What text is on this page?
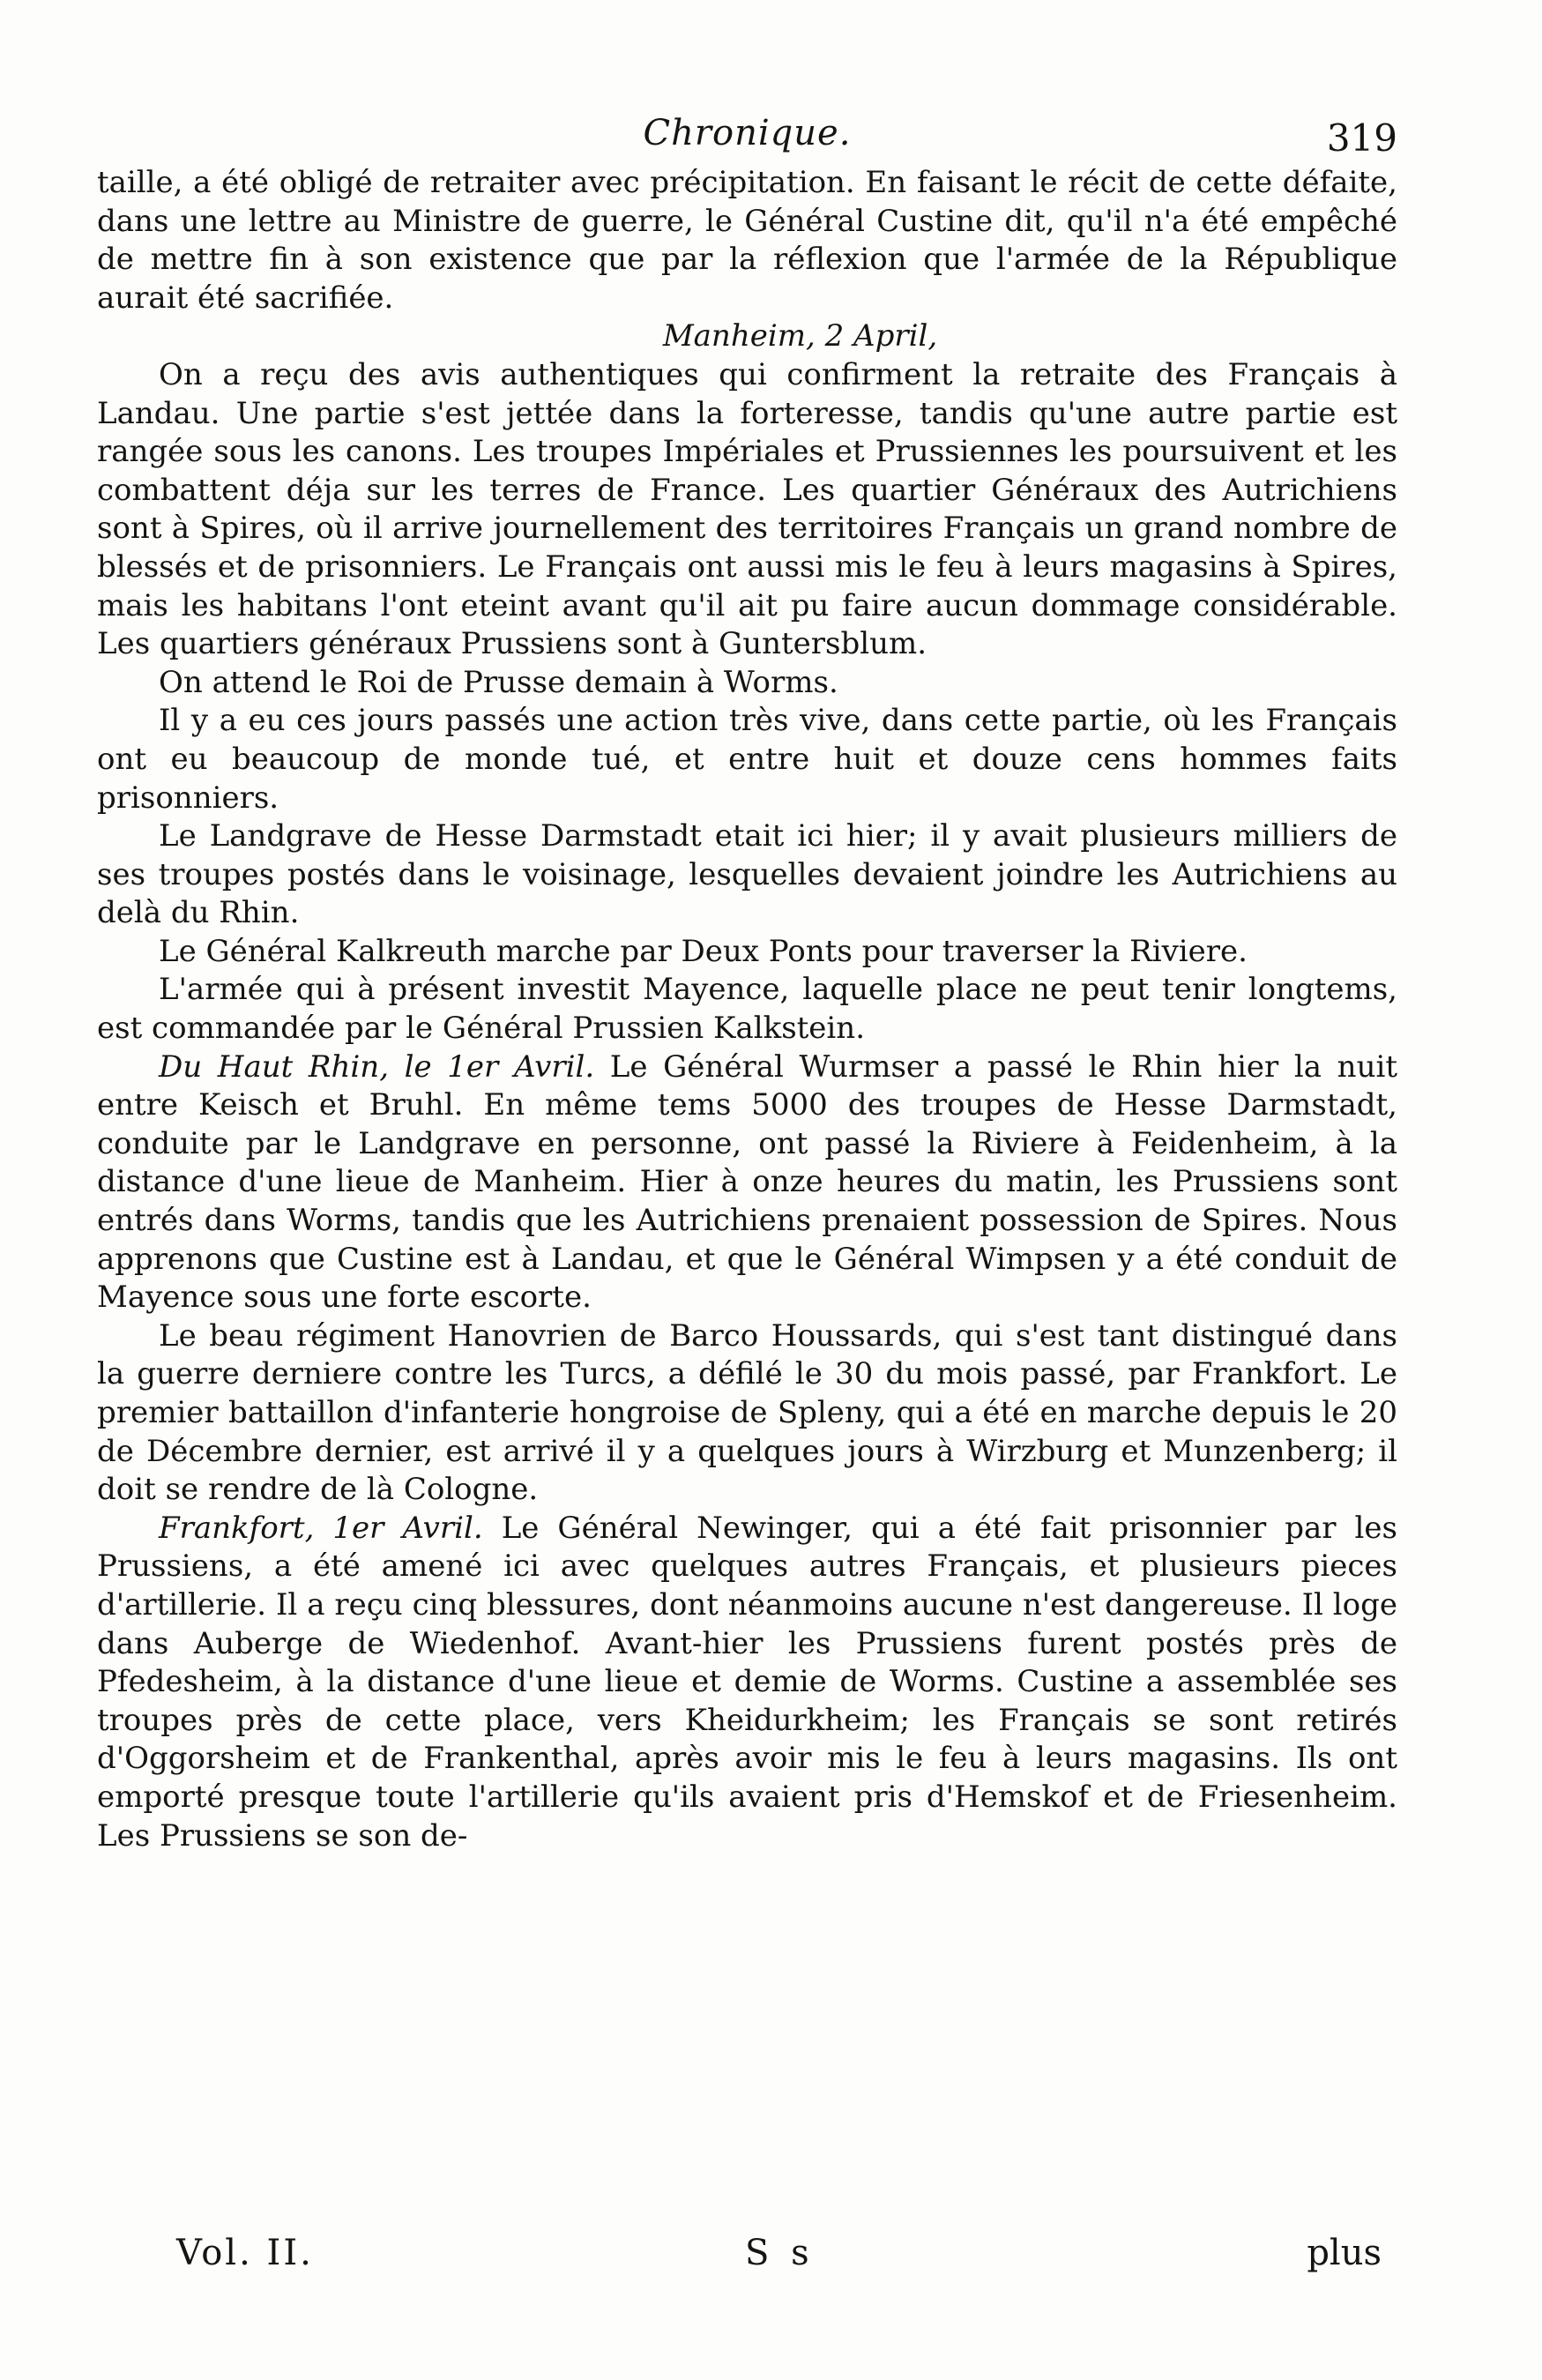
Chronique.	319

taille, a été obligé de retraiter avec précipitation. En faisant le récit de cette défaite, dans une lettre au Ministre de guerre, le Général Custine dit, qu'il n'a été empêché de mettre fin à son existence que par la réflexion que l'armée de la République aurait été sacrifiée.

Manheim, 2 April,

On a reçu des avis authentiques qui confirment la retraite des Français à Landau. Une partie s'est jettée dans la forteresse, tandis qu'une autre partie est rangée sous les canons. Les troupes Impériales et Prussiennes les poursuivent et les combattent déja sur les terres de France. Les quartier Généraux des Autrichiens sont à Spires, où il arrive journellement des territoires Français un grand nombre de blessés et de prisonniers. Le Français ont aussi mis le feu à leurs magasins à Spires, mais les habitans l'ont eteint avant qu'il ait pu faire aucun dommage considérable. Les quartiers généraux Prussiens sont à Guntersblum.

On attend le Roi de Prusse demain à Worms.

Il y a eu ces jours passés une action très vive, dans cette partie, où les Français ont eu beaucoup de monde tué, et entre huit et douze cens hommes faits prisonniers.

Le Landgrave de Hesse Darmstadt etait ici hier; il y avait plusieurs milliers de ses troupes postés dans le voisinage, lesquelles devaient joindre les Autrichiens au delà du Rhin.

Le Général Kalkreuth marche par Deux Ponts pour traverser la Riviere.

L'armée qui à présent investit Mayence, laquelle place ne peut tenir longtems, est commandée par le Général Prussien Kalkstein.

Du Haut Rhin, le 1er Avril. Le Général Wurmser a passé le Rhin hier la nuit entre Keisch et Bruhl. En même tems 5000 des troupes de Hesse Darmstadt, conduite par le Landgrave en personne, ont passé la Riviere à Feidenheim, à la distance d'une lieue de Manheim. Hier à onze heures du matin, les Prussiens sont entrés dans Worms, tandis que les Autrichiens prenaient possession de Spires. Nous apprenons que Custine est à Landau, et que le Général Wimpsen y a été conduit de Mayence sous une forte escorte.

Le beau régiment Hanovrien de Barco Houssards, qui s'est tant distingué dans la guerre derniere contre les Turcs, a défilé le 30 du mois passé, par Frankfort. Le premier battaillon d'infanterie hongroise de Spleny, qui a été en marche depuis le 20 de Décembre dernier, est arrivé il y a quelques jours à Wirzburg et Munzenberg; il doit se rendre de là Cologne.

Frankfort, 1er Avril. Le Général Newinger, qui a été fait prisonnier par les Prussiens, a été amené ici avec quelques autres Français, et plusieurs pieces d'artillerie. Il a reçu cinq blessures, dont néanmoins aucune n'est dangereuse. Il loge dans Auberge de Wiedenhof. Avant-hier les Prussiens furent postés près de Pfedesheim, à la distance d'une lieue et demie de Worms. Custine a assemblée ses troupes près de cette place, vers Kheidurkheim; les Français se sont retirés d'Oggorsheim et de Frankenthal, après avoir mis le feu à leurs magasins. Ils ont emporté presque toute l'artillerie qu'ils avaient pris d'Hemskof et de Friesenheim. Les Prussiens se son de-

Vol. II.	S s	plus
